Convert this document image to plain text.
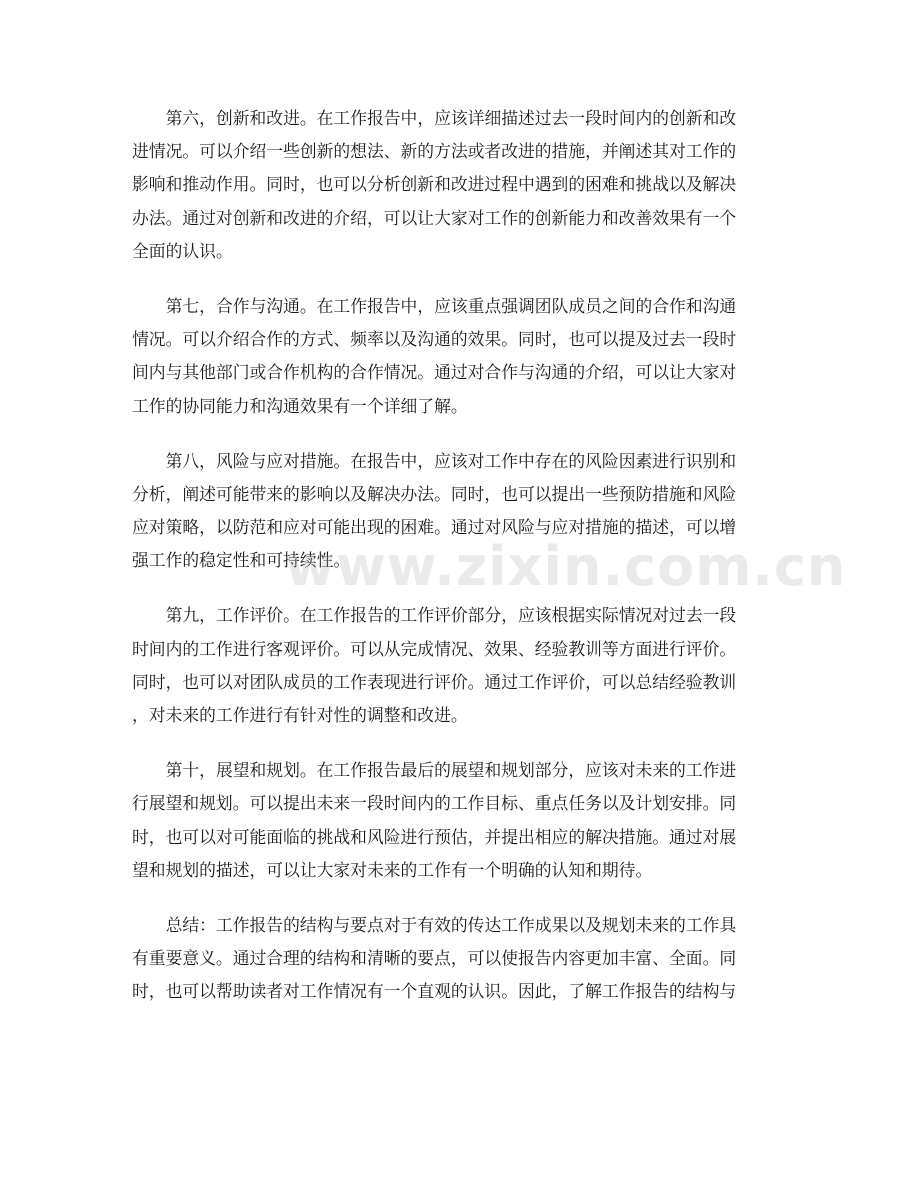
第六，创新和改进。在工作报告中，应该详细描述过去一段时间内的创新和改
进情况。可以介绍一些创新的想法、新的方法或者改进的措施，并阐述其对工作的
影响和推动作用。同时，也可以分析创新和改进过程中遇到的困难和挑战以及解决
办法。通过对创新和改进的介绍，可以让大家对工作的创新能力和改善效果有一个
全面的认识。
第七，合作与沟通。在工作报告中，应该重点强调团队成员之间的合作和沟通
情况。可以介绍合作的方式、频率以及沟通的效果。同时，也可以提及过去一段时
间内与其他部门或合作机构的合作情况。通过对合作与沟通的介绍，可以让大家对
工作的协同能力和沟通效果有一个详细了解。
第八，风险与应对措施。在报告中，应该对工作中存在的风险因素进行识别和
分析，阐述可能带来的影响以及解决办法。同时，也可以提出一些预防措施和风险
应对策略，以防范和应对可能出现的困难。通过对风险与应对措施的描述，可以增
强工作的稳定性和可持续性。
第九，工作评价。在工作报告的工作评价部分，应该根据实际情况对过去一段
时间内的工作进行客观评价。可以从完成情况、效果、经验教训等方面进行评价。
同时，也可以对团队成员的工作表现进行评价。通过工作评价，可以总结经验教训
，对未来的工作进行有针对性的调整和改进。
第十，展望和规划。在工作报告最后的展望和规划部分，应该对未来的工作进
行展望和规划。可以提出未来一段时间内的工作目标、重点任务以及计划安排。同
时，也可以对可能面临的挑战和风险进行预估，并提出相应的解决措施。通过对展
望和规划的描述，可以让大家对未来的工作有一个明确的认知和期待。
总结：工作报告的结构与要点对于有效的传达工作成果以及规划未来的工作具
有重要意义。通过合理的结构和清晰的要点，可以使报告内容更加丰富、全面。同
时，也可以帮助读者对工作情况有一个直观的认识。因此，了解工作报告的结构与
www.zixin.com.cn
